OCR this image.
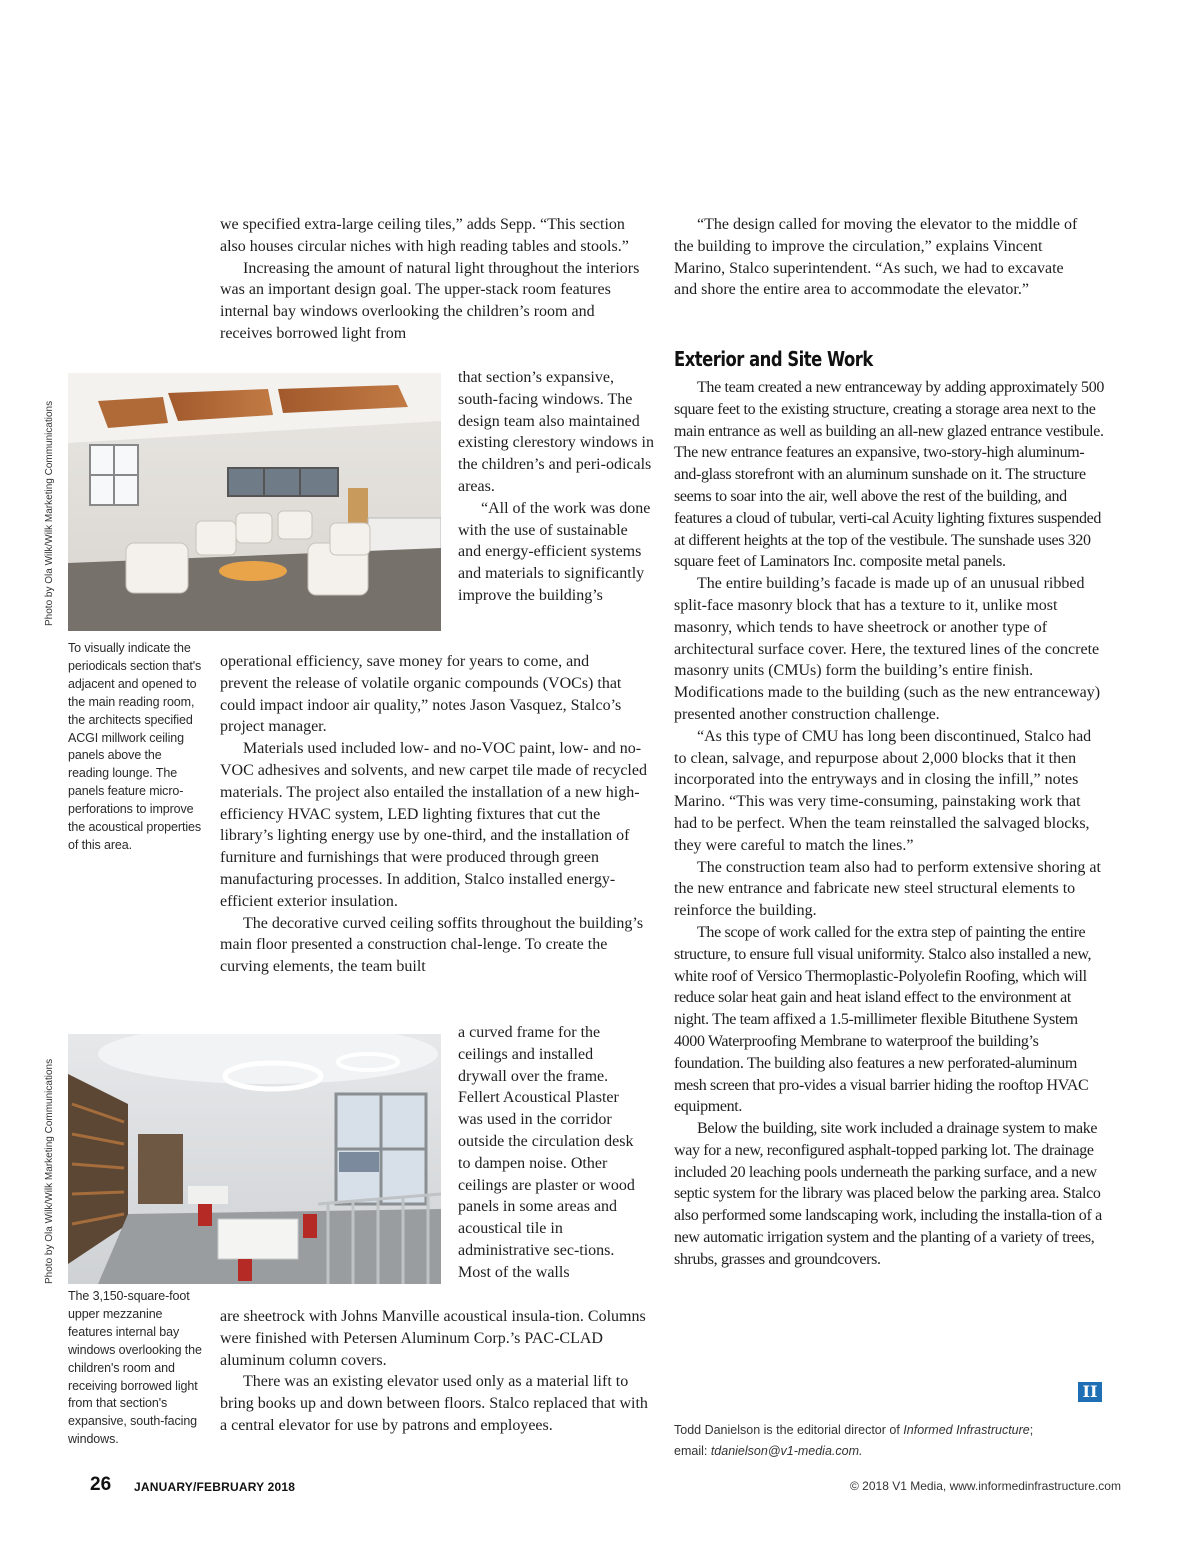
Photo by Ola Wilk/Wilk Marketing Communications
To visually indicate the periodicals section that's adjacent and opened to the main reading room, the architects specified ACGI millwork ceiling panels above the reading lounge. The panels feature micro-perforations to improve the acoustical properties of this area.
Photo by Ola Wilk/Wilk Marketing Communications
The 3,150-square-foot upper mezzanine features internal bay windows overlooking the children's room and receiving borrowed light from that section's expansive, south-facing windows.

we specified extra-large ceiling tiles,” adds Sepp. “This section also houses circular niches with high reading tables and stools.”

Increasing the amount of natural light throughout the interiors was an important design goal. The upper-stack room features internal bay windows overlooking the children’s room and receives borrowed light from

that section’s expansive, south-facing windows. The design team also maintained existing clerestory windows in the children’s and peri-odicals areas.

“All of the work was done with the use of sustainable and energy-efficient systems and materials to significantly improve the building’s

operational efficiency, save money for years to come, and prevent the release of volatile organic compounds (VOCs) that could impact indoor air quality,” notes Jason Vasquez, Stalco’s project manager.

Materials used included low- and no-VOC paint, low- and no-VOC adhesives and solvents, and new carpet tile made of recycled materials. The project also entailed the installation of a new high-efficiency HVAC system, LED lighting fixtures that cut the library’s lighting energy use by one-third, and the installation of furniture and furnishings that were produced through green manufacturing processes. In addition, Stalco installed energy-efficient exterior insulation.

The decorative curved ceiling soffits throughout the building’s main floor presented a construction chal-lenge. To create the curving elements, the team built

a curved frame for the ceilings and installed drywall over the frame. Fellert Acoustical Plaster was used in the corridor outside the circulation desk to dampen noise. Other ceilings are plaster or wood panels in some areas and acoustical tile in administrative sec-tions. Most of the walls

are sheetrock with Johns Manville acoustical insula-tion. Columns were finished with Petersen Aluminum Corp.’s PAC-CLAD aluminum column covers.

There was an existing elevator used only as a material lift to bring books up and down between floors. Stalco replaced that with a central elevator for use by patrons and employees.

“The design called for moving the elevator to the middle of the building to improve the circulation,” explains Vincent Marino, Stalco superintendent. “As such, we had to excavate and shore the entire area to accommodate the elevator.”

Exterior and Site Work

The team created a new entranceway by adding approximately 500 square feet to the existing structure, creating a storage area next to the main entrance as well as building an all-new glazed entrance vestibule. The new entrance features an expansive, two-story-high aluminum-and-glass storefront with an aluminum sunshade on it. The structure seems to soar into the air, well above the rest of the building, and features a cloud of tubular, verti-cal Acuity lighting fixtures suspended at different heights at the top of the vestibule. The sunshade uses 320 square feet of Laminators Inc. composite metal panels.

The entire building’s facade is made up of an unusual ribbed split-face masonry block that has a texture to it, unlike most masonry, which tends to have sheetrock or another type of architectural surface cover. Here, the textured lines of the concrete masonry units (CMUs) form the building’s entire finish. Modifications made to the building (such as the new entranceway) presented another construction challenge.

“As this type of CMU has long been discontinued, Stalco had to clean, salvage, and repurpose about 2,000 blocks that it then incorporated into the entryways and in closing the infill,” notes Marino. “This was very time-consuming, painstaking work that had to be perfect. When the team reinstalled the salvaged blocks, they were careful to match the lines.”

The construction team also had to perform extensive shoring at the new entrance and fabricate new steel structural elements to reinforce the building.

The scope of work called for the extra step of painting the entire structure, to ensure full visual uniformity. Stalco also installed a new, white roof of Versico Thermoplastic-Polyolefin Roofing, which will reduce solar heat gain and heat island effect to the environment at night. The team affixed a 1.5-millimeter flexible Bituthene System 4000 Waterproofing Membrane to waterproof the building’s foundation. The building also features a new perforated-aluminum mesh screen that pro-vides a visual barrier hiding the rooftop HVAC equipment.

Below the building, site work included a drainage system to make way for a new, reconfigured asphalt-topped parking lot. The drainage included 20 leaching pools underneath the parking surface, and a new septic system for the library was placed below the parking area. Stalco also performed some landscaping work, including the installa-tion of a new automatic irrigation system and the planting of a variety of trees, shrubs, grasses and groundcovers.

II
Todd Danielson is the editorial director of Informed Infrastructure;
email: tdanielson@v1-media.com.
26 JANUARY/FEBRUARY 2018	© 2018 V1 Media, www.informedinfrastructure.com
